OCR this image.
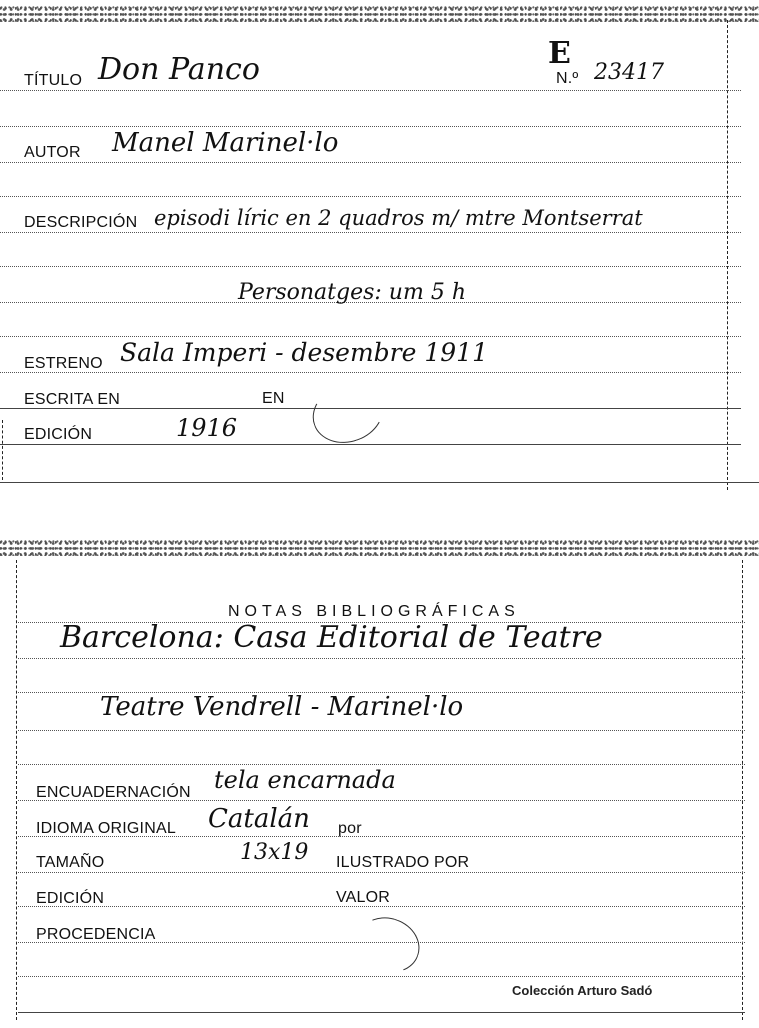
E
TÍTULO Don Panco	N.º 23417
AUTOR Manel Marinel·lo
DESCRIPCIÓN episodi líric en 2 quadros m/ mtre Montserrat
Personatges: um 5 h
ESTRENO Sala Imperi - desembre 1911
ESCRITA EN	EN
EDICIÓN	1916
NOTAS BIBLIOGRÁFICAS
Barcelona: Casa Editorial de Teatre
Teatre Vendrell - Marinel·lo
ENCUADERNACIÓN tela encarnada
IDIOMA ORIGINAL Catalán por
TAMAÑO	13x19 ILUSTRADO POR
EDICIÓN	VALOR
PROCEDENCIA
Colección Arturo Sadó
